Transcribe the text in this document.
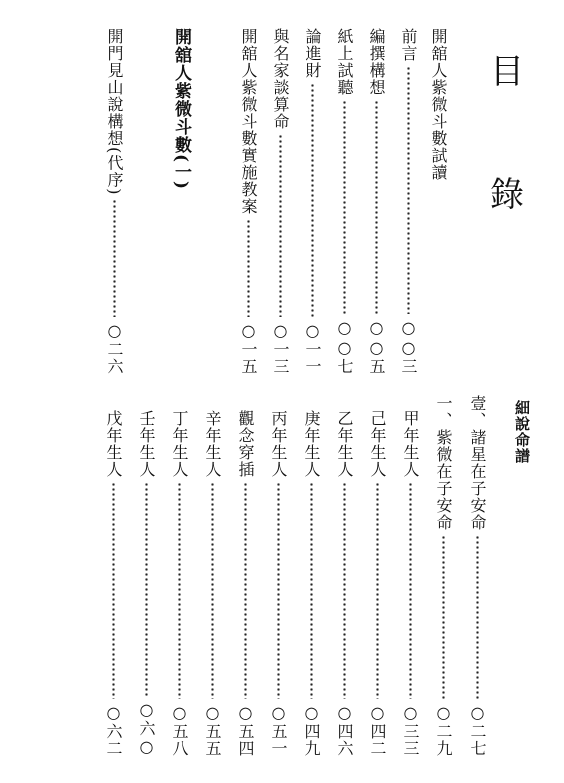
目
錄
開舘人紫微斗數試讀
前言
○○三
編撰構想
○○五
紙上試聽
○○七
論進財
○一一
與名家談算命
○一三
開舘人紫微斗數實施教案
○一五
開舘人紫微斗數(一)
開門見山說構想(代序)
○二六
細說命譜
壹、諸星在子安命
○二七
一、紫微在子安命
○二九
甲年生人
○三三
己年生人
○四二
乙年生人
○四六
庚年生人
○四九
丙年生人
○五一
觀念穿插
○五四
辛年生人
○五五
丁年生人
○五八
壬年生人
○六○
戊年生人
○六二
